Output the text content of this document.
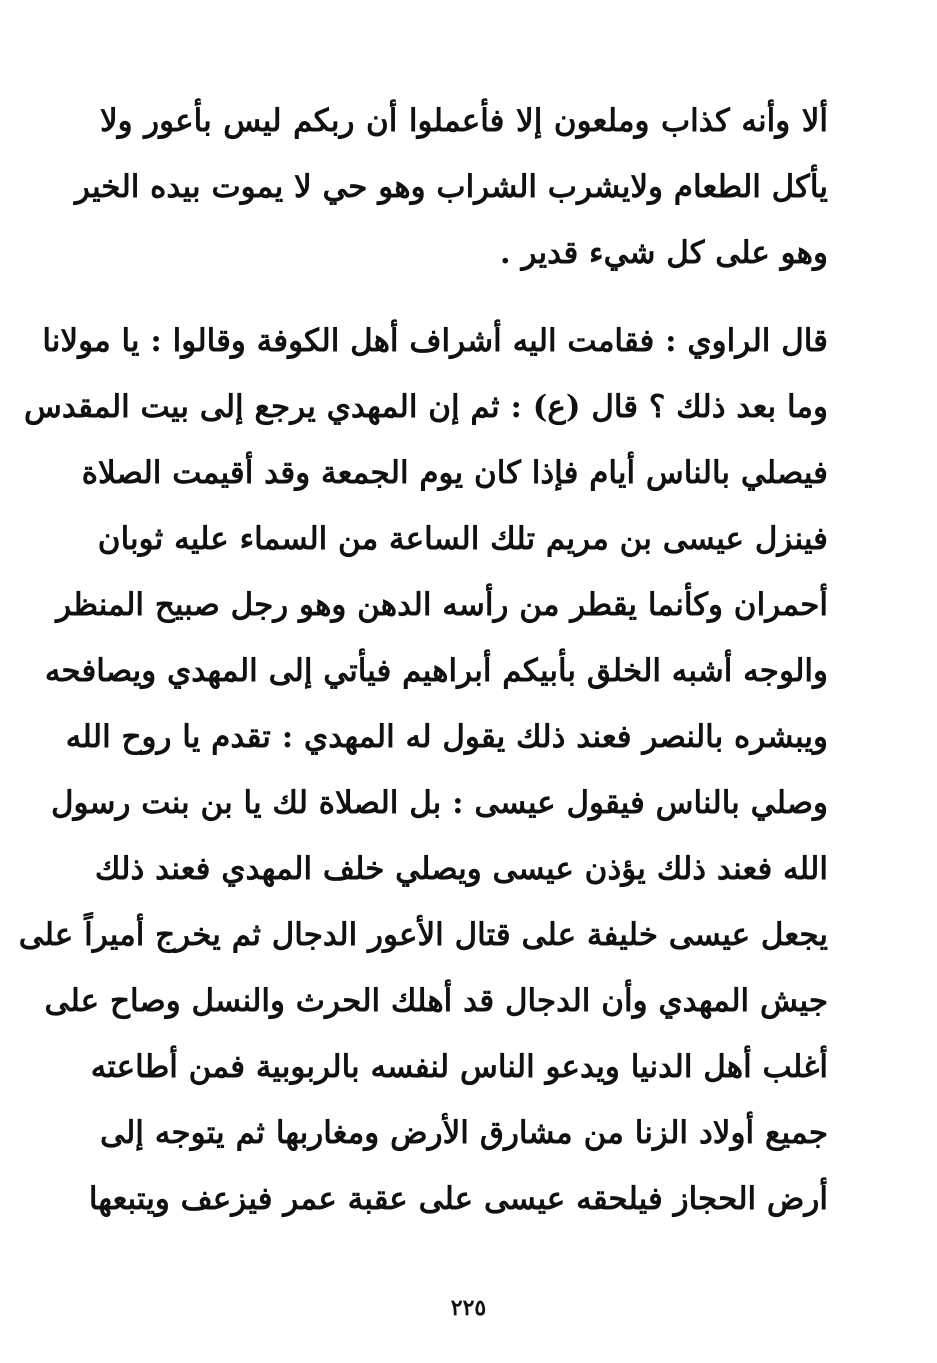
ألا وأنه كذاب وملعون إلا فأعملوا أن ربكم ليس بأعور ولا
يأكل الطعام ولايشرب الشراب وهو حي لا يموت بيده الخير
وهو على كل شيء قدير .
قال الراوي : فقامت اليه أشراف أهل الكوفة وقالوا : يا مولانا
وما بعد ذلك ؟ قال (ع) : ثم إن المهدي يرجع إلى بيت المقدس
فيصلي بالناس أيام فإذا كان يوم الجمعة وقد أقيمت الصلاة
فينزل عيسى بن مريم تلك الساعة من السماء عليه ثوبان
أحمران وكأنما يقطر من رأسه الدهن وهو رجل صبيح المنظر
والوجه أشبه الخلق بأبيكم أبراهيم فيأتي إلى المهدي ويصافحه
ويبشره بالنصر فعند ذلك يقول له المهدي : تقدم يا روح الله
وصلي بالناس فيقول عيسى : بل الصلاة لك يا بن بنت رسول
الله فعند ذلك يؤذن عيسى ويصلي خلف المهدي فعند ذلك
يجعل عيسى خليفة على قتال الأعور الدجال ثم يخرج أميراً على
جيش المهدي وأن الدجال قد أهلك الحرث والنسل وصاح على
أغلب أهل الدنيا ويدعو الناس لنفسه بالربوبية فمن أطاعته
جميع أولاد الزنا من مشارق الأرض ومغاربها ثم يتوجه إلى
أرض الحجاز فيلحقه عيسى على عقبة عمر فيزعف ويتبعها
٢٢٥
